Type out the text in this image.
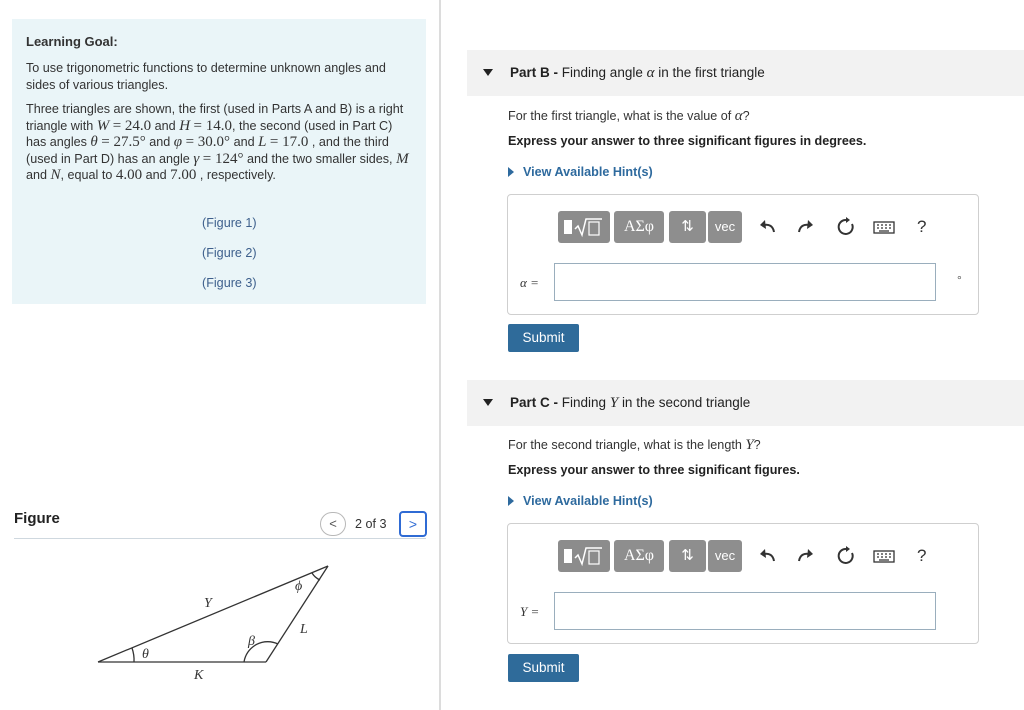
Learning Goal:
To use trigonometric functions to determine unknown angles and sides of various triangles.
Three triangles are shown, the first (used in Parts A and B) is a right triangle with W = 24.0 and H = 14.0, the second (used in Part C) has angles θ = 27.5° and φ = 30.0° and L = 17.0 , and the third (used in Part D) has an angle γ = 124° and the two smaller sides, M and N, equal to 4.00 and 7.00 , respectively.
(Figure 1)
(Figure 2)
(Figure 3)
Figure	<	2 of 3	>
ϕ
Y
L
β
θ
K
Part B - Finding angle α in the first triangle
For the first triangle, what is the value of α?
Express your answer to three significant figures in degrees.
View Available Hint(s)
ΑΣφ	⇅	vec	?
α =	°
Submit
Part C - Finding Y in the second triangle
For the second triangle, what is the length Y?
Express your answer to three significant figures.
View Available Hint(s)
ΑΣφ	⇅	vec	?
Y =
Submit
